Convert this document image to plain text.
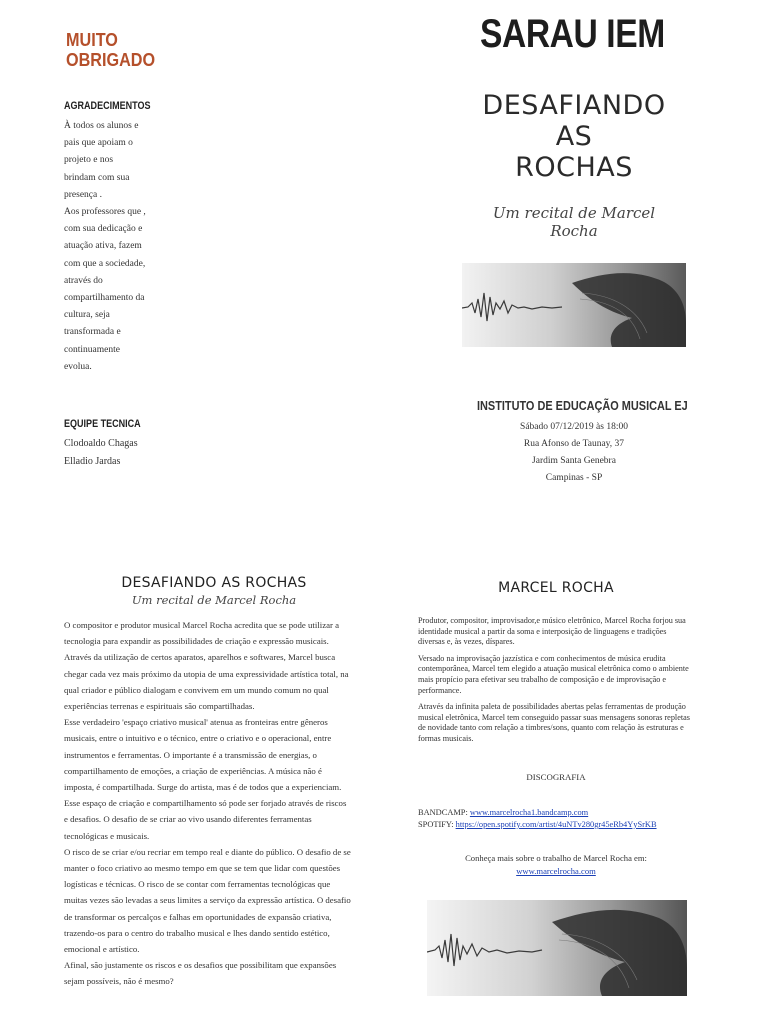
MUITO
OBRIGADO
AGRADECIMENTOS
À todos os alunos e
pais que apoiam o
projeto e nos
brindam com sua
presença .
Aos professores que ,
com sua dedicação e
atuação ativa, fazem
com que a sociedade,
através do
compartilhamento da
cultura, seja
transformada e
continuamente
evolua.
EQUIPE TECNICA
Clodoaldo Chagas
Elladio Jardas
SARAU IEM
DESAFIANDO
AS
ROCHAS
Um recital de Marcel
Rocha
INSTITUTO DE EDUCAÇÃO MUSICAL EJ
Sábado 07/12/2019 às 18:00
Rua Afonso de Taunay, 37
Jardim Santa Genebra
Campinas - SP
DESAFIANDO AS ROCHAS
Um recital de Marcel Rocha

O compositor e produtor musical Marcel Rocha acredita que se pode utilizar a tecnologia para expandir as possibilidades de criação e expressão musicais. Através da utilização de certos aparatos, aparelhos e softwares, Marcel busca chegar cada vez mais próximo da utopia de uma expressividade artística total, na qual criador e público dialogam e convivem em um mundo comum no qual experiências terrenas e espirituais são compartilhadas.

Esse verdadeiro 'espaço criativo musical' atenua as fronteiras entre gêneros musicais, entre o intuitivo e o técnico, entre o criativo e o operacional, entre instrumentos e ferramentas. O importante é a transmissão de energias, o compartilhamento de emoções, a criação de experiências. A música não é imposta, é compartilhada. Surge do artista, mas é de todos que a experienciam.

Esse espaço de criação e compartilhamento só pode ser forjado através de riscos e desafios. O desafio de se criar ao vivo usando diferentes ferramentas tecnológicas e musicais.

O risco de se criar e/ou recriar em tempo real e diante do público. O desafio de se manter o foco criativo ao mesmo tempo em que se tem que lidar com questões logísticas e técnicas. O risco de se contar com ferramentas tecnológicas que muitas vezes são levadas a seus limites a serviço da expressão artística. O desafio de transformar os percalços e falhas em oportunidades de expansão criativa, trazendo-os para o centro do trabalho musical e lhes dando sentido estético, emocional e artístico.

Afinal, são justamente os riscos e os desafios que possibilitam que expansões sejam possíveis, não é mesmo?

MARCEL ROCHA

Produtor, compositor, improvisador,e músico eletrônico, Marcel Rocha forjou sua identidade musical a partir da soma e interposição de linguagens e tradições diversas e, às vezes, díspares.

Versado na improvisação jazzística e com conhecimentos de música erudita contemporânea, Marcel tem elegido a atuação musical eletrônica como o ambiente mais propício para efetivar seu trabalho de composição e de improvisação e performance.

Através da infinita paleta de possibilidades abertas pelas ferramentas de produção musical eletrônica, Marcel tem conseguido passar suas mensagens sonoras repletas de novidade tanto com relação a timbres/sons, quanto com relação às estruturas e formas musicais.

DISCOGRAFIA
BANDCAMP: www.marcelrocha1.bandcamp.com
SPOTIFY: https://open.spotify.com/artist/4uNTv280gr45eRb4YySrKB
Conheça mais sobre o trabalho de Marcel Rocha em:
www.marcelrocha.com
